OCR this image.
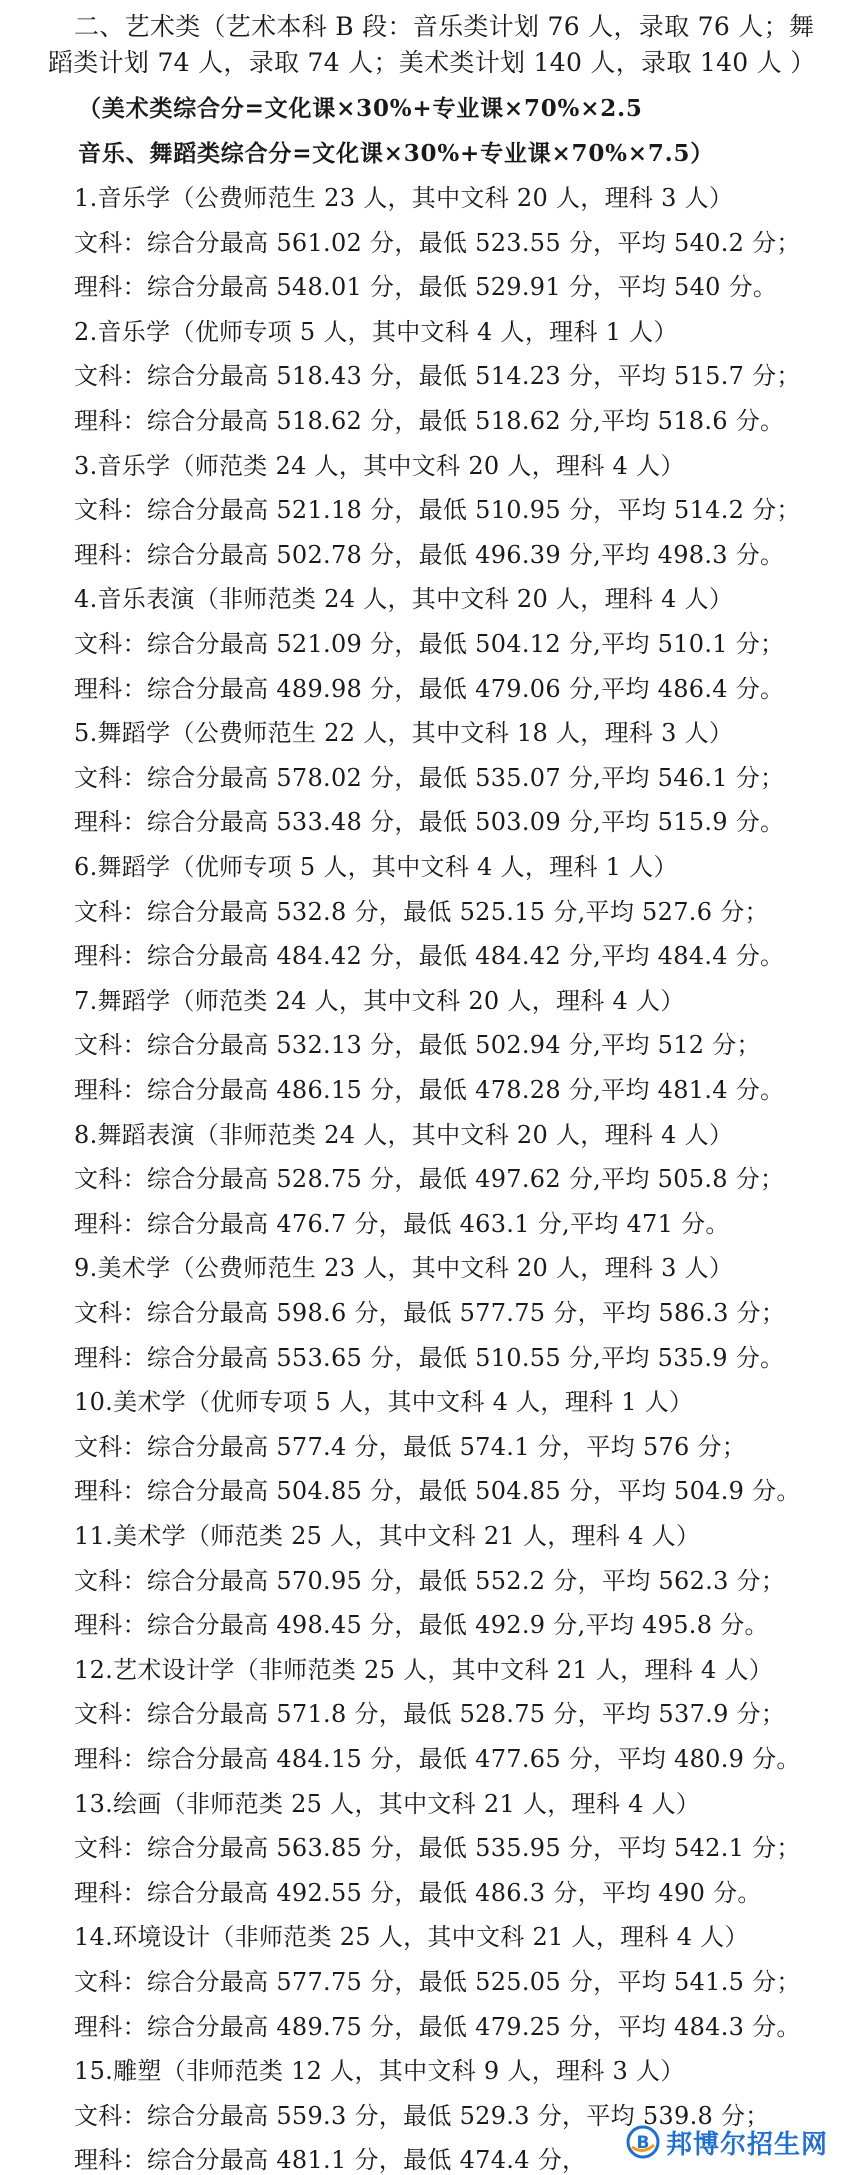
二、艺术类（艺术本科 B 段：音乐类计划 76 人，录取 76 人；舞
蹈类计划 74 人，录取 74 人；美术类计划 140 人，录取 140 人 ）
（美术类综合分=文化课×30%+专业课×70%×2.5
音乐、舞蹈类综合分=文化课×30%+专业课×70%×7.5）
1.音乐学（公费师范生 23 人，其中文科 20 人，理科 3 人）
文科：综合分最高 561.02 分，最低 523.55 分，平均 540.2 分；
理科：综合分最高 548.01 分，最低 529.91 分，平均 540 分。
2.音乐学（优师专项 5 人，其中文科 4 人，理科 1 人）
文科：综合分最高 518.43 分，最低 514.23 分，平均 515.7 分；
理科：综合分最高 518.62 分，最低 518.62 分,平均 518.6 分。
3.音乐学（师范类 24 人，其中文科 20 人，理科 4 人）
文科：综合分最高 521.18 分，最低 510.95 分，平均 514.2 分；
理科：综合分最高 502.78 分，最低 496.39 分,平均 498.3 分。
4.音乐表演（非师范类 24 人，其中文科 20 人，理科 4 人）
文科：综合分最高 521.09 分，最低 504.12 分,平均 510.1 分；
理科：综合分最高 489.98 分，最低 479.06 分,平均 486.4 分。
5.舞蹈学（公费师范生 22 人，其中文科 18 人，理科 3 人）
文科：综合分最高 578.02 分，最低 535.07 分,平均 546.1 分；
理科：综合分最高 533.48 分，最低 503.09 分,平均 515.9 分。
6.舞蹈学（优师专项 5 人，其中文科 4 人，理科 1 人）
文科：综合分最高 532.8 分，最低 525.15 分,平均 527.6 分；
理科：综合分最高 484.42 分，最低 484.42 分,平均 484.4 分。
7.舞蹈学（师范类 24 人，其中文科 20 人，理科 4 人）
文科：综合分最高 532.13 分，最低 502.94 分,平均 512 分；
理科：综合分最高 486.15 分，最低 478.28 分,平均 481.4 分。
8.舞蹈表演（非师范类 24 人，其中文科 20 人，理科 4 人）
文科：综合分最高 528.75 分，最低 497.62 分,平均 505.8 分；
理科：综合分最高 476.7 分，最低 463.1 分,平均 471 分。
9.美术学（公费师范生 23 人，其中文科 20 人，理科 3 人）
文科：综合分最高 598.6 分，最低 577.75 分，平均 586.3 分；
理科：综合分最高 553.65 分，最低 510.55 分,平均 535.9 分。
10.美术学（优师专项 5 人，其中文科 4 人，理科 1 人）
文科：综合分最高 577.4 分，最低 574.1 分，平均 576 分；
理科：综合分最高 504.85 分，最低 504.85 分，平均 504.9 分。
11.美术学（师范类 25 人，其中文科 21 人，理科 4 人）
文科：综合分最高 570.95 分，最低 552.2 分，平均 562.3 分；
理科：综合分最高 498.45 分，最低 492.9 分,平均 495.8 分。
12.艺术设计学（非师范类 25 人，其中文科 21 人，理科 4 人）
文科：综合分最高 571.8 分，最低 528.75 分，平均 537.9 分；
理科：综合分最高 484.15 分，最低 477.65 分，平均 480.9 分。
13.绘画（非师范类 25 人，其中文科 21 人，理科 4 人）
文科：综合分最高 563.85 分，最低 535.95 分，平均 542.1 分；
理科：综合分最高 492.55 分，最低 486.3 分，平均 490 分。
14.环境设计（非师范类 25 人，其中文科 21 人，理科 4 人）
文科：综合分最高 577.75 分，最低 525.05 分，平均 541.5 分；
理科：综合分最高 489.75 分，最低 479.25 分，平均 484.3 分。
15.雕塑（非师范类 12 人，其中文科 9 人，理科 3 人）
文科：综合分最高 559.3 分，最低 529.3 分，平均 539.8 分；
理科：综合分最高 481.1 分，最低 474.4 分，
B 邦博尔招生网
